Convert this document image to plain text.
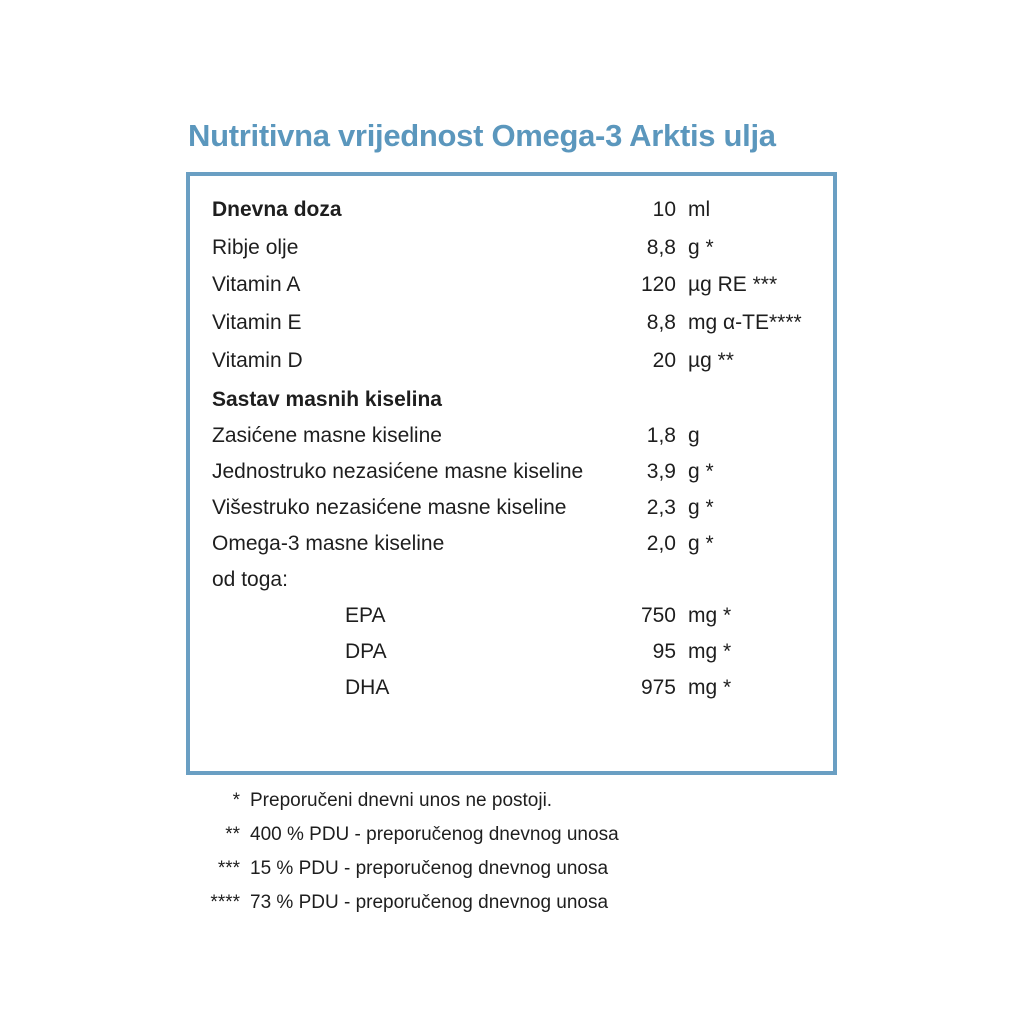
Nutritivna vrijednost Omega-3 Arktis ulja
Dnevna doza	10 ml
Ribje olje	8,8 g *
Vitamin A	120 µg RE ***
Vitamin E	8,8 mg α-TE****
Vitamin D	20 µg **
Sastav masnih kiselina
Zasićene masne kiseline	1,8 g
Jednostruko nezasićene masne kiseline	3,9 g *
Višestruko nezasićene masne kiseline	2,3 g *
Omega-3 masne kiseline	2,0 g *
od toga:
EPA	750 mg *
DPA	95 mg *
DHA	975 mg *
* Preporučeni dnevni unos ne postoji.
** 400 % PDU - preporučenog dnevnog unosa
*** 15 % PDU - preporučenog dnevnog unosa
**** 73 % PDU - preporučenog dnevnog unosa
